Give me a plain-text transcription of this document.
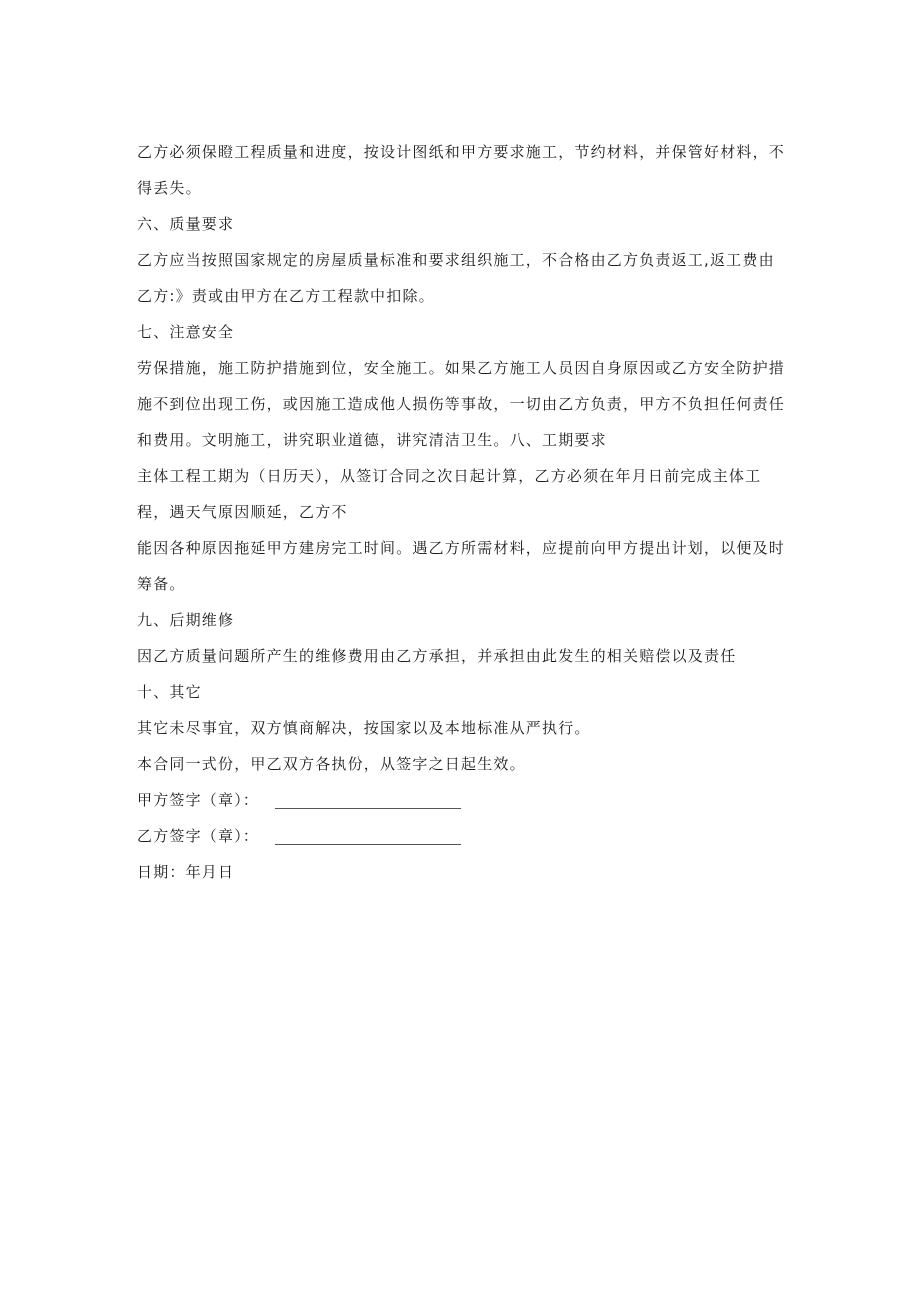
乙方必须保瞪工程质量和进度，按设计图纸和甲方要求施工，节约材料，并保管好材料，不得丢失。

六、质量要求

乙方应当按照国家规定的房屋质量标准和要求组织施工，不合格由乙方负责返工,返工费由乙方:》责或由甲方在乙方工程款中扣除。

七、注意安全

劳保措施，施工防护措施到位，安全施工。如果乙方施工人员因自身原因或乙方安全防护措施不到位出现工伤，或因施工造成他人损伤等事故，一切由乙方负责，甲方不负担任何责任和费用。文明施工，讲究职业道德，讲究清洁卫生。八、工期要求

主体工程工期为（日历天），从签订合同之次日起计算，乙方必须在年月日前完成主体工程，遇天气原因顺延，乙方不

能因各种原因拖延甲方建房完工时间。遇乙方所需材料，应提前向甲方提出计划，以便及时筹备。

九、后期维修

因乙方质量问题所产生的维修费用由乙方承担，并承担由此发生的相关赔偿以及责任

十、其它

其它未尽事宜，双方慎商解决，按国家以及本地标准从严执行。

本合同一式份，甲乙双方各执份，从签字之日起生效。

甲方签字（章）：
乙方签字（章）：

日期：年月日
